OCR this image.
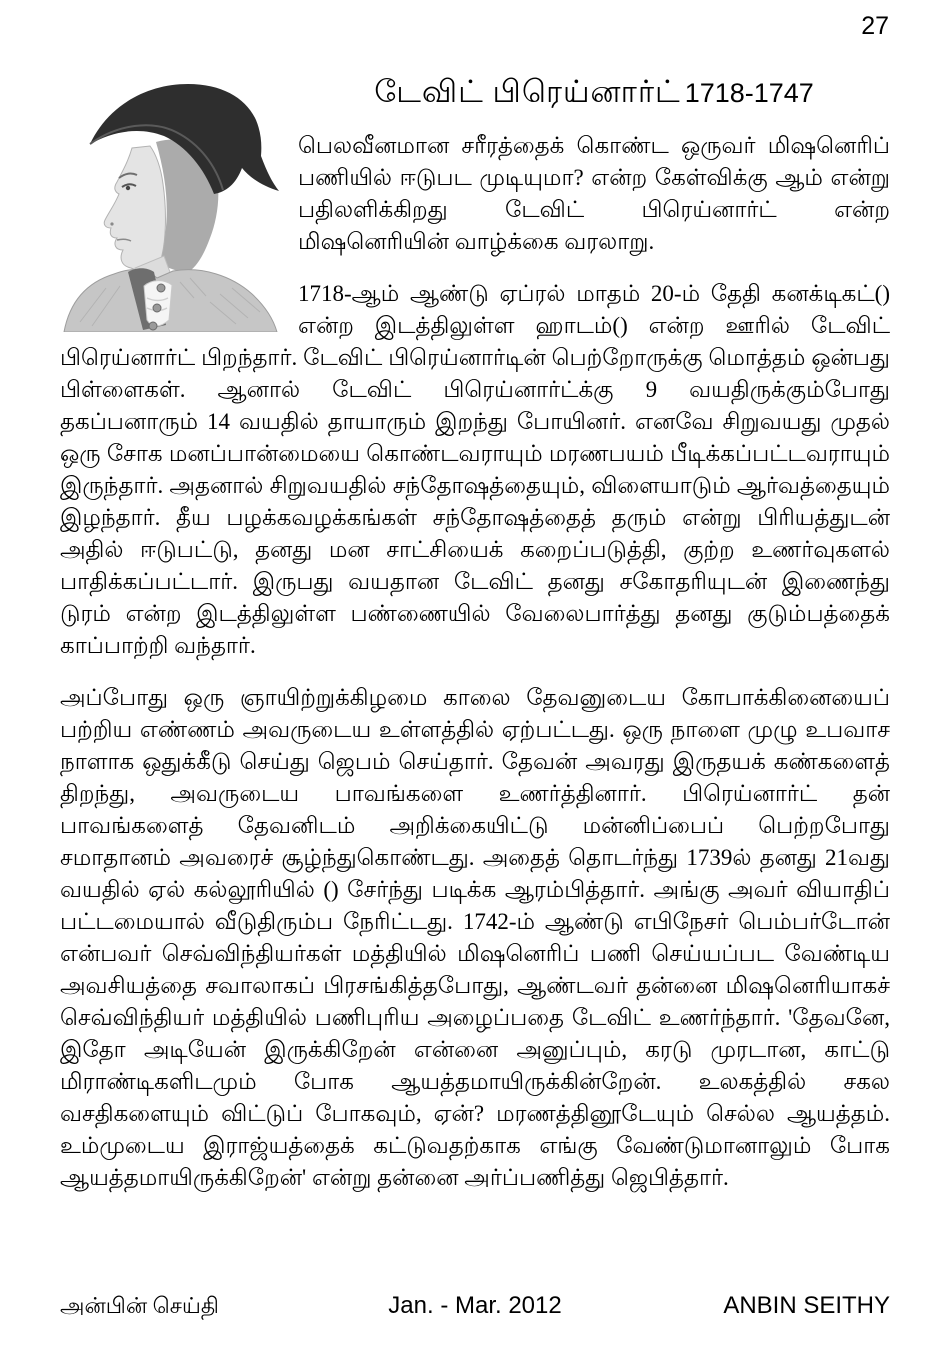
27
டேவிட் பிரெய்னார்ட் 1718-1747

பெலவீனமான சரீரத்தைக் கொண்ட ஒருவர் மிஷனெரிப் பணியில் ஈடுபட முடியுமா? என்ற கேள்விக்கு ஆம் என்று பதிலளிக்கிறது டேவிட் பிரெய்னார்ட் என்ற மிஷனெரியின் வாழ்க்கை வரலாறு.

1718-ஆம் ஆண்டு ஏப்ரல் மாதம் 20-ம் தேதி கனக்டிகட்() என்ற இடத்திலுள்ள ஹாடம்() என்ற ஊரில் டேவிட் பிரெய்னார்ட் பிறந்தார். டேவிட் பிரெய்னார்டின் பெற்றோருக்கு மொத்தம் ஒன்பது பிள்ளைகள். ஆனால் டேவிட் பிரெய்னார்ட்க்கு 9 வயதிருக்கும்போது தகப்பனாரும் 14 வயதில் தாயாரும் இறந்து போயினர். எனவே சிறுவயது முதல் ஒரு சோக மனப்பான்மையை கொண்டவராயும் மரணபயம் பீடிக்கப்பட்டவராயும் இருந்தார். அதனால் சிறுவயதில் சந்தோஷத்தையும், விளையாடும் ஆர்வத்தையும் இழந்தார். தீய பழக்கவழக்கங்கள் சந்தோஷத்தைத் தரும் என்று பிரியத்துடன் அதில் ஈடுபட்டு, தனது மன சாட்சியைக் கறைப்படுத்தி, குற்ற உணர்வுகளல் பாதிக்கப்பட்டார். இருபது வயதான டேவிட் தனது சகோதரியுடன் இணைந்து டுரம் என்ற இடத்திலுள்ள பண்ணையில் வேலைபார்த்து தனது குடும்பத்தைக் காப்பாற்றி வந்தார்.

அப்போது ஒரு ஞாயிற்றுக்கிழமை காலை தேவனுடைய கோபாக்கினையைப் பற்றிய எண்ணம் அவருடைய உள்ளத்தில் ஏற்பட்டது. ஒரு நாளை முழு உபவாச நாளாக ஒதுக்கீடு செய்து ஜெபம் செய்தார். தேவன் அவரது இருதயக் கண்களைத் திறந்து, அவருடைய பாவங்களை உணர்த்தினார். பிரெய்னார்ட் தன் பாவங்களைத் தேவனிடம் அறிக்கையிட்டு மன்னிப்பைப் பெற்றபோது சமாதானம் அவரைச் சூழ்ந்துகொண்டது. அதைத் தொடர்ந்து 1739ல் தனது 21வது வயதில் ஏல் கல்லூரியில் () சேர்ந்து படிக்க ஆரம்பித்தார். அங்கு அவர் வியாதிப் பட்டமையால் வீடுதிரும்ப நேரிட்டது. 1742-ம் ஆண்டு எபிநேசர் பெம்பர்டோன் என்பவர் செவ்விந்தியர்கள் மத்தியில் மிஷனெரிப் பணி செய்யப்பட வேண்டிய அவசியத்தை சவாலாகப் பிரசங்கித்தபோது, ஆண்டவர் தன்னை மிஷனெரியாகச் செவ்விந்தியர் மத்தியில் பணிபுரிய அழைப்பதை டேவிட் உணர்ந்தார். 'தேவனே, இதோ அடியேன் இருக்கிறேன் என்னை அனுப்பும், கரடு முரடான, காட்டு மிராண்டிகளிடமும் போக ஆயத்தமாயிருக்கின்றேன். உலகத்தில் சகல வசதிகளையும் விட்டுப் போகவும், ஏன்? மரணத்தினூடேயும் செல்ல ஆயத்தம். உம்முடைய இராஜ்யத்தைக் கட்டுவதற்காக எங்கு வேண்டுமானாலும் போக ஆயத்தமாயிருக்கிறேன்' என்று தன்னை அர்ப்பணித்து ஜெபித்தார்.

அன்பின் செய்தி	Jan. - Mar. 2012	ANBIN SEITHY
